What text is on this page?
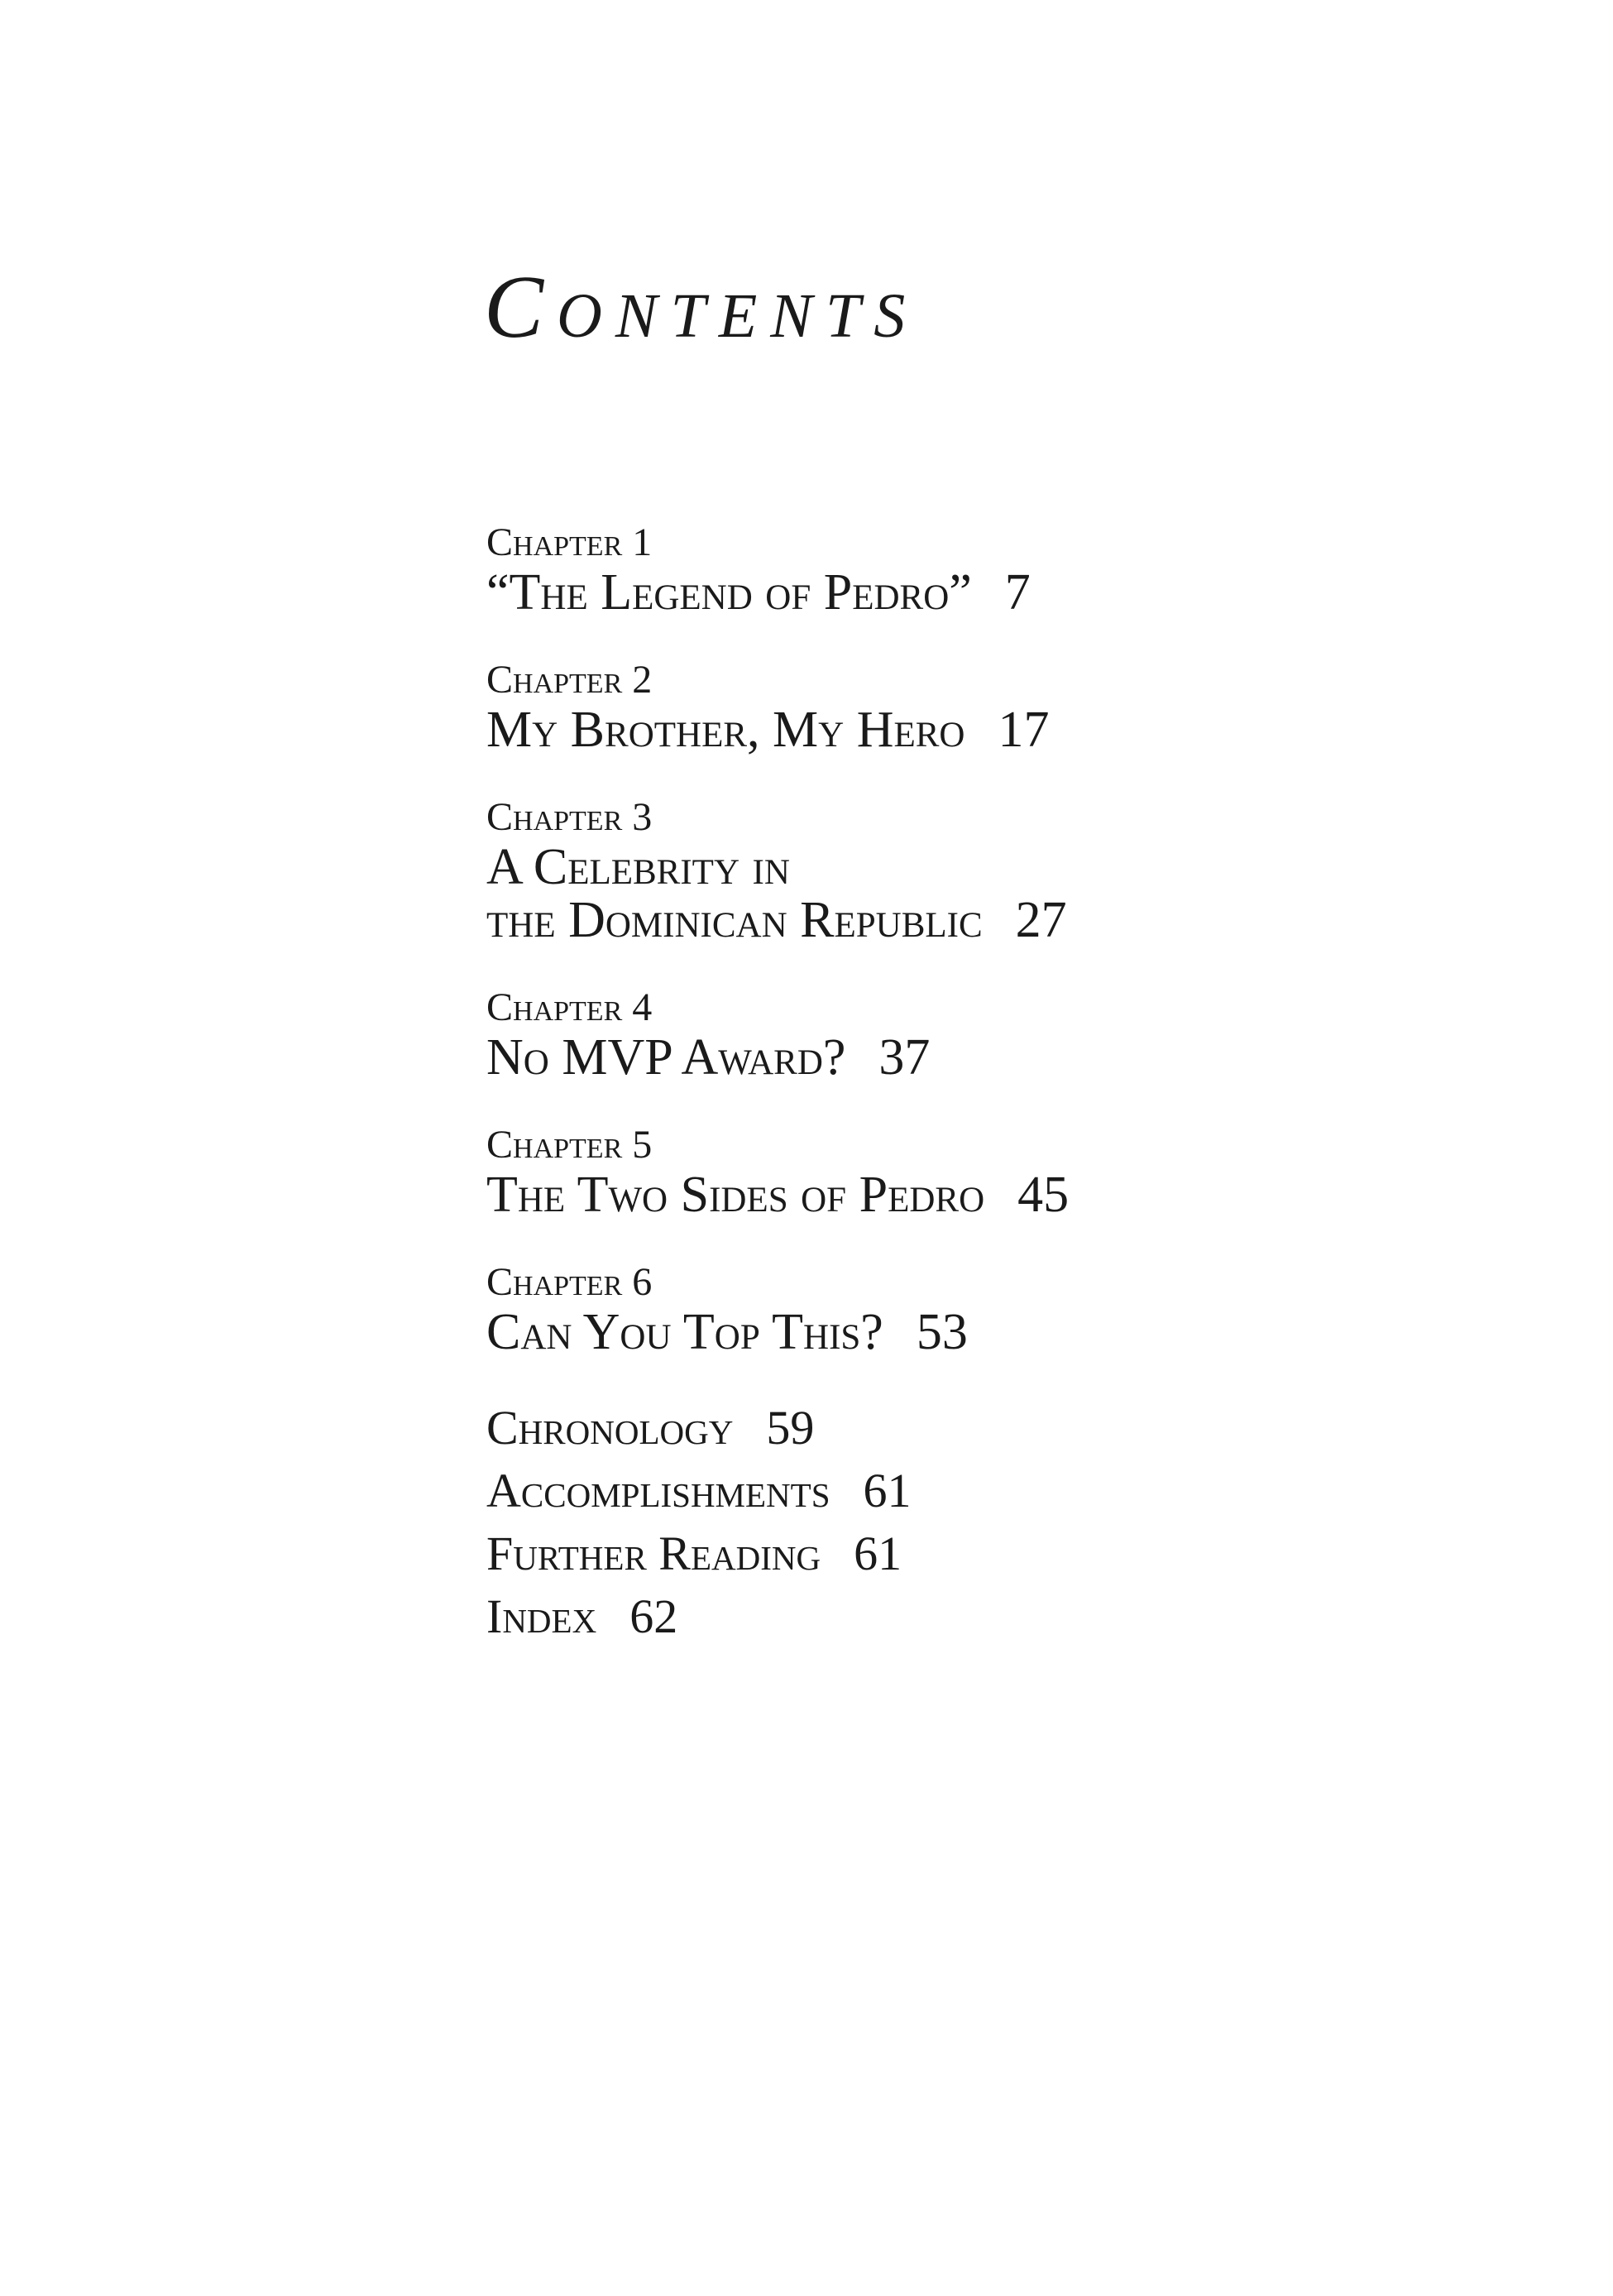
Contents
Chapter 1
“The Legend of Pedro” 7
Chapter 2
My Brother, My Hero 17
Chapter 3
A Celebrity in
the Dominican Republic 27
Chapter 4
No MVP Award? 37
Chapter 5
The Two Sides of Pedro 45
Chapter 6
Can You Top This? 53
Chronology 59
Accomplishments 61
Further Reading 61
Index 62
